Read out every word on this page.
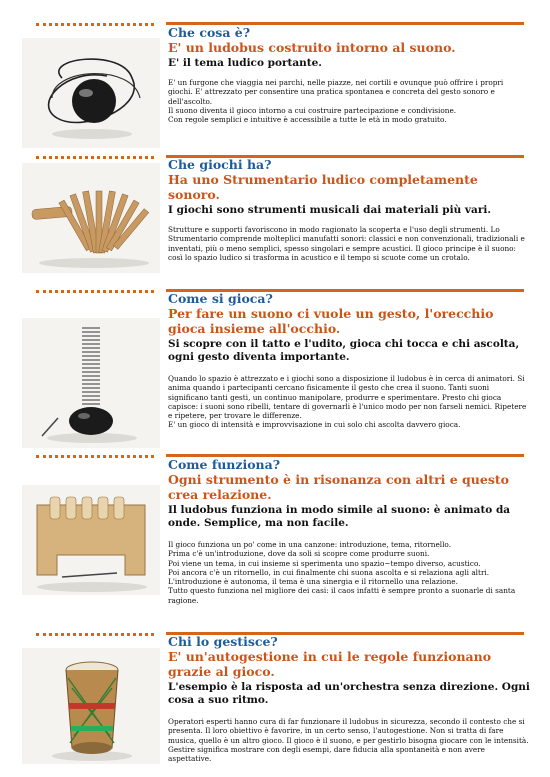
Che cosa è?

E' un ludobus costruito intorno al suono.

E' il tema ludico portante.

E' un furgone che viaggia nei parchi, nelle piazze, nei cortili e ovunque può offrire i propri giochi. E' attrezzato per consentire una pratica spontanea e concreta del gesto sonoro e dell'ascolto.

Il suono diventa il gioco intorno a cui costruire partecipazione e condivisione.

Con regole semplici e intuitive è accessibile a tutte le età in modo gratuito.

Che giochi ha?

Ha uno Strumentario ludico completamente sonoro.

I giochi sono strumenti musicali dai materiali più vari.

Strutture e supporti favoriscono in modo ragionato la scoperta e l'uso degli strumenti. Lo Strumentario comprende molteplici manufatti sonori: classici e non convenzionali, tradizionali e inventati, più o meno semplici, spesso singolari e sempre acustici. Il gioco principe è il suono: così lo spazio ludico si trasforma in acustico e il tempo si scuote come un crotalo.

Come si gioca?

Per fare un suono ci vuole un gesto, l'orecchio gioca insieme all'occhio.

Si scopre con il tatto e l'udito, gioca chi tocca e chi ascolta, ogni gesto diventa importante.

Quando lo spazio è attrezzato e i giochi sono a disposizione il ludobus è in cerca di animatori. Si anima quando i partecipanti cercano fisicamente il gesto che crea il suono. Tanti suoni significano tanti gesti, un continuo manipolare, produrre e sperimentare. Presto chi gioca capisce: i suoni sono ribelli, tentare di governarli è l'unico modo per non farseli nemici. Ripetere e ripetere, per trovare le differenze.

E' un gioco di intensità e improvvisazione in cui solo chi ascolta davvero gioca.

Come funziona?

Ogni strumento è in risonanza con altri e questo crea relazione.

Il ludobus funziona in modo simile al suono: è animato da onde. Semplice, ma non facile.

Il gioco funziona un po' come in una canzone: introduzione, tema, ritornello.

Prima c'è un'introduzione, dove da soli si scopre come produrre suoni.

Poi viene un tema, in cui insieme si sperimenta uno spazio~tempo diverso, acustico.

Poi ancora c'è un ritornello, in cui finalmente chi suona ascolta e si relaziona agli altri.

L'introduzione è autonoma, il tema è una sinergia e il ritornello una relazione.

Tutto questo funziona nel migliore dei casi: il caos infatti è sempre pronto a suonarle di santa ragione.

Chi lo gestisce?

E' un'autogestione in cui le regole funzionano grazie al gioco.

L'esempio è la risposta ad un'orchestra senza direzione. Ogni cosa a suo ritmo.

Operatori esperti hanno cura di far funzionare il ludobus in sicurezza, secondo il contesto che si presenta. Il loro obiettivo è favorire, in un certo senso, l'autogestione. Non si tratta di fare musica, quello è un altro gioco. Il gioco è il suono, e per gestirlo bisogna giocare con le intensità. Gestire significa mostrare con degli esempi, dare fiducia alla spontaneità e non avere aspettative.
